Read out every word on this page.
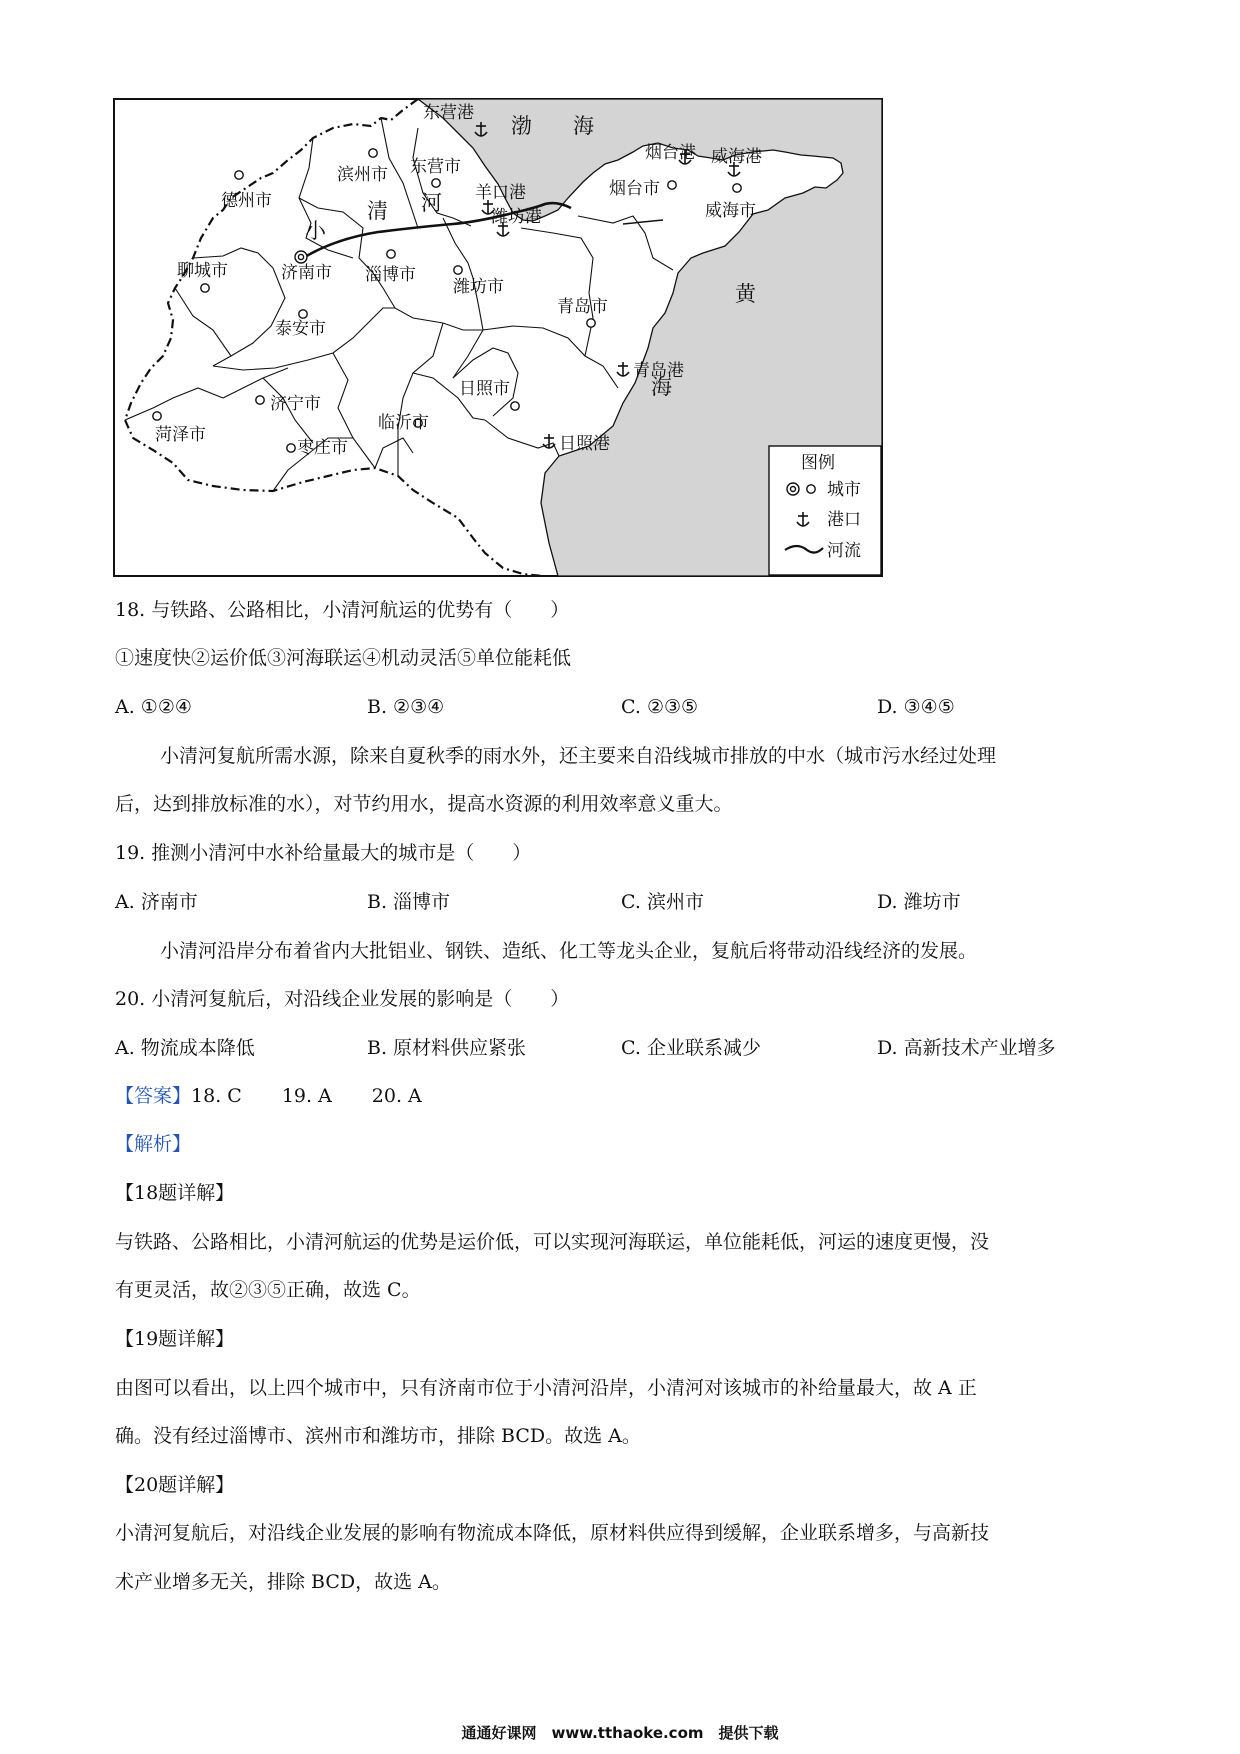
渤 海
黄
海
小
清 河
德州市
滨州市 东营市
聊城市	济南市 淄博市
潍坊市
泰安市
青岛市
烟台市
威海市
日照市
济宁市
菏泽市
临沂市
枣庄市
东营港
烟台港 威海港
羊口港
潍坊港
青岛港
日照港
图例
城市
港口
河流
18. 与铁路、公路相比，小清河航运的优势有（　　）
①速度快②运价低③河海联运④机动灵活⑤单位能耗低
A. ①②④	B. ②③④	C. ②③⑤	D. ③④⑤
小清河复航所需水源，除来自夏秋季的雨水外，还主要来自沿线城市排放的中水（城市污水经过处理
后，达到排放标准的水），对节约用水，提高水资源的利用效率意义重大。
19. 推测小清河中水补给量最大的城市是（　　）
A. 济南市	B. 淄博市	C. 滨州市	D. 潍坊市
小清河沿岸分布着省内大批铝业、钢铁、造纸、化工等龙头企业，复航后将带动沿线经济的发展。
20. 小清河复航后，对沿线企业发展的影响是（　　）
A. 物流成本降低	B. 原材料供应紧张	C. 企业联系减少	D. 高新技术产业增多
【答案】18. C 19. A 20. A
【解析】
【18题详解】
与铁路、公路相比，小清河航运的优势是运价低，可以实现河海联运，单位能耗低，河运的速度更慢，没
有更灵活，故②③⑤正确，故选 C。
【19题详解】
由图可以看出，以上四个城市中，只有济南市位于小清河沿岸，小清河对该城市的补给量最大，故 A 正
确。没有经过淄博市、滨州市和潍坊市，排除 BCD。故选 A。
【20题详解】
小清河复航后，对沿线企业发展的影响有物流成本降低，原材料供应得到缓解，企业联系增多，与高新技
术产业增多无关，排除 BCD，故选 A。
通通好课网　www.tthaoke.com　提供下载
